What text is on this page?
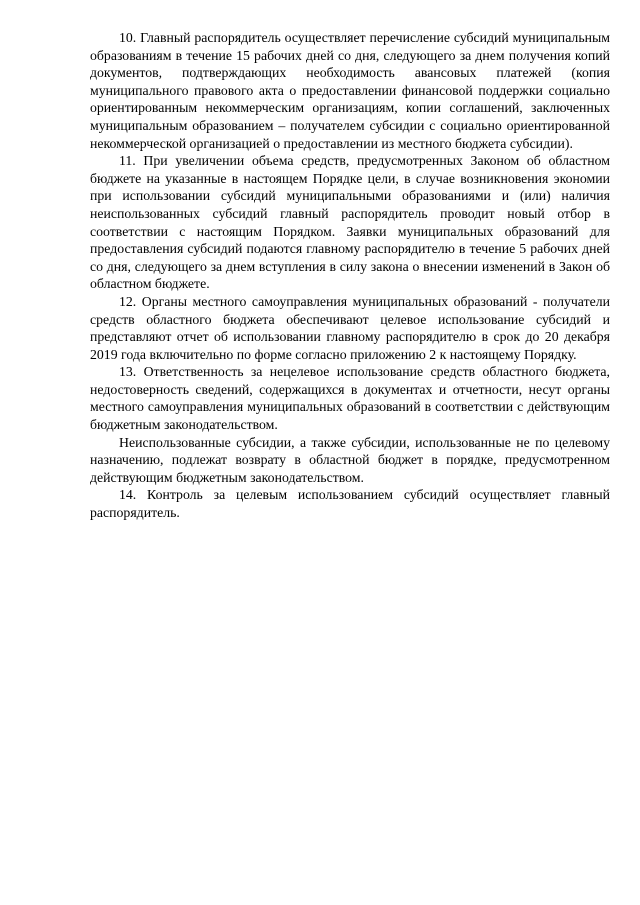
10. Главный распорядитель осуществляет перечисление субсидий муниципальным образованиям в течение 15 рабочих дней со дня, следующего за днем получения копий документов, подтверждающих необходимость авансовых платежей (копия муниципального правового акта о предоставлении финансовой поддержки социально ориентированным некоммерческим организациям, копии соглашений, заключенных муниципальным образованием – получателем субсидии с социально ориентированной некоммерческой организацией о предоставлении из местного бюджета субсидии).

11. При увеличении объема средств, предусмотренных Законом об областном бюджете на указанные в настоящем Порядке цели, в случае возникновения экономии при использовании субсидий муниципальными образованиями и (или) наличия неиспользованных субсидий главный распорядитель проводит новый отбор в соответствии с настоящим Порядком. Заявки муниципальных образований для предоставления субсидий подаются главному распорядителю в течение 5 рабочих дней со дня, следующего за днем вступления в силу закона о внесении изменений в Закон об областном бюджете.

12. Органы местного самоуправления муниципальных образований - получатели средств областного бюджета обеспечивают целевое использование субсидий и представляют отчет об использовании главному распорядителю в срок до 20 декабря 2019 года включительно по форме согласно приложению 2 к настоящему Порядку.

13. Ответственность за нецелевое использование средств областного бюджета, недостоверность сведений, содержащихся в документах и отчетности, несут органы местного самоуправления муниципальных образований в соответствии с действующим бюджетным законодательством.

Неиспользованные субсидии, а также субсидии, использованные не по целевому назначению, подлежат возврату в областной бюджет в порядке, предусмотренном действующим бюджетным законодательством.

14. Контроль за целевым использованием субсидий осуществляет главный распорядитель.
